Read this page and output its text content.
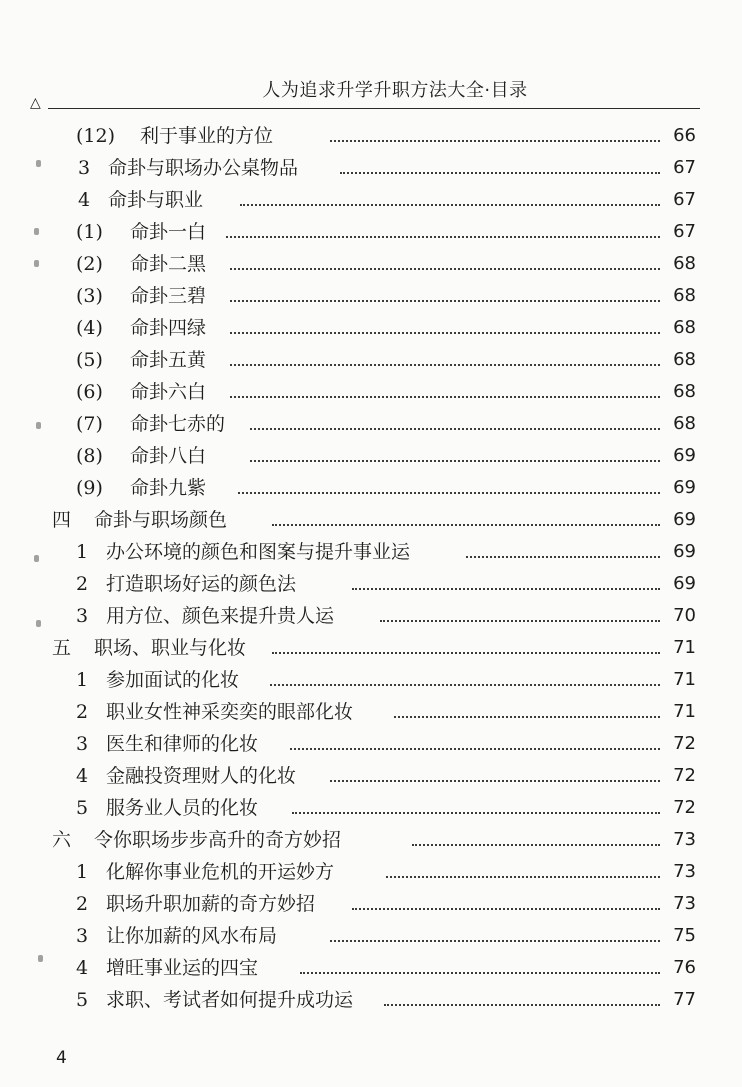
△
人为追求升学升职方法大全·目录
(12) 利于事业的方位	66
3 命卦与职场办公桌物品	67
4 命卦与职业	67
(1) 命卦一白	67
(2) 命卦二黑	68
(3) 命卦三碧	68
(4) 命卦四绿	68
(5) 命卦五黄	68
(6) 命卦六白	68
(7) 命卦七赤的	68
(8) 命卦八白	69
(9) 命卦九紫	69
四 命卦与职场颜色	69
1 办公环境的颜色和图案与提升事业运	69
2 打造职场好运的颜色法	69
3 用方位、颜色来提升贵人运	70
五 职场、职业与化妆	71
1 参加面试的化妆	71
2 职业女性神采奕奕的眼部化妆	71
3 医生和律师的化妆	72
4 金融投资理财人的化妆	72
5 服务业人员的化妆	72
六 令你职场步步高升的奇方妙招	73
1 化解你事业危机的开运妙方	73
2 职场升职加薪的奇方妙招	73
3 让你加薪的风水布局	75
4 增旺事业运的四宝	76
5 求职、考试者如何提升成功运	77
4
